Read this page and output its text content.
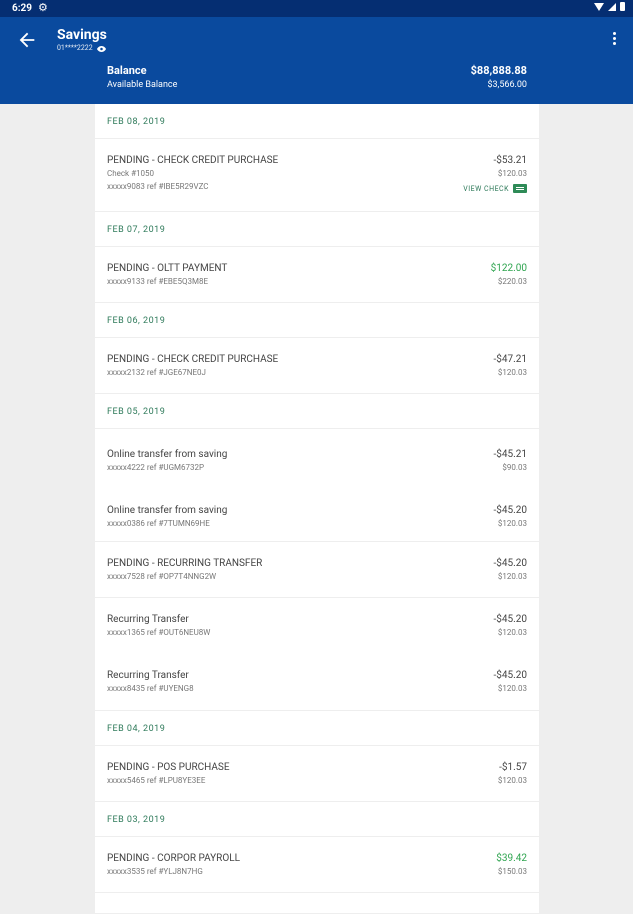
6:29 ⚙
Savings
01****2222
Balance
Available Balance
$88,888.88
$3,566.00
FEB 08, 2019
PENDING - CHECK CREDIT PURCHASE
Check #1050
xxxxx9083 ref #IBE5R29VZC
-$53.21
$120.03
VIEW CHECK
FEB 07, 2019
PENDING - OLTT PAYMENT
xxxxx9133 ref #EBE5Q3M8E
$122.00
$220.03
FEB 06, 2019
PENDING - CHECK CREDIT PURCHASE
xxxxx2132 ref #JGE67NE0J
-$47.21
$120.03
FEB 05, 2019
Online transfer from saving
xxxxx4222 ref #UGM6732P
-$45.21
$90.03
Online transfer from saving
xxxxx0386 ref #7TUMN69HE
-$45.20
$120.03
PENDING - RECURRING TRANSFER
xxxxx7528 ref #OP7T4NNG2W
-$45.20
$120.03
Recurring Transfer
xxxxx1365 ref #OUT6NEU8W
-$45.20
$120.03
Recurring Transfer
xxxxx8435 ref #UYENG8
-$45.20
$120.03
FEB 04, 2019
PENDING - POS PURCHASE
xxxxx5465 ref #LPU8YE3EE
-$1.57
$120.03
FEB 03, 2019
PENDING - CORPOR PAYROLL
xxxxx3535 ref #YLJ8N7HG
$39.42
$150.03
